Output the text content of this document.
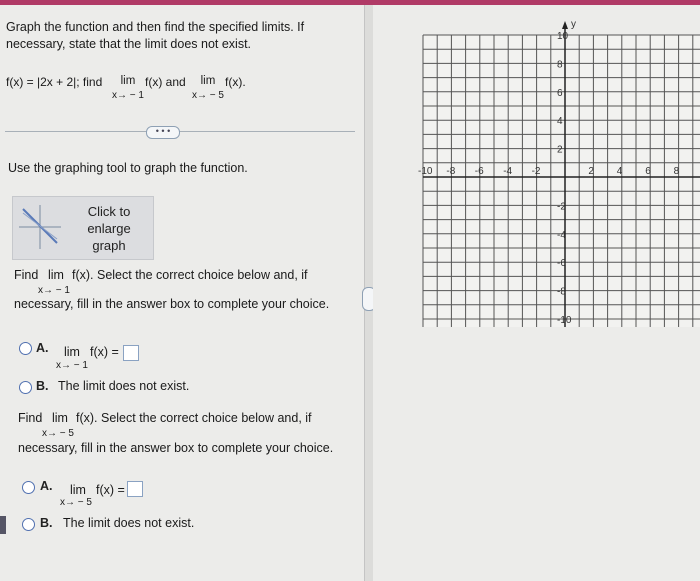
Graph the function and then find the specified limits. If
necessary, state that the limit does not exist.
f(x) = |2x + 2|; find	lim
x→ − 1
f(x) and	lim
x→ − 5
f(x).
• • •
Use the graphing tool to graph the function.
Click to
enlarge
graph
Find lim f(x). Select the correct choice below and, if
x→ − 1
necessary, fill in the answer box to complete your choice.
A. lim f(x) =
x→ − 1
B. The limit does not exist.
Find lim f(x). Select the correct choice below and, if
x→ − 5
necessary, fill in the answer box to complete your choice.
A. lim f(x) =
x→ − 5
B. The limit does not exist.
y
-10 -8 -6 -4 -2	2 4 6 8
10
8
6
4
2
-2
-4
-6
-8
-10
